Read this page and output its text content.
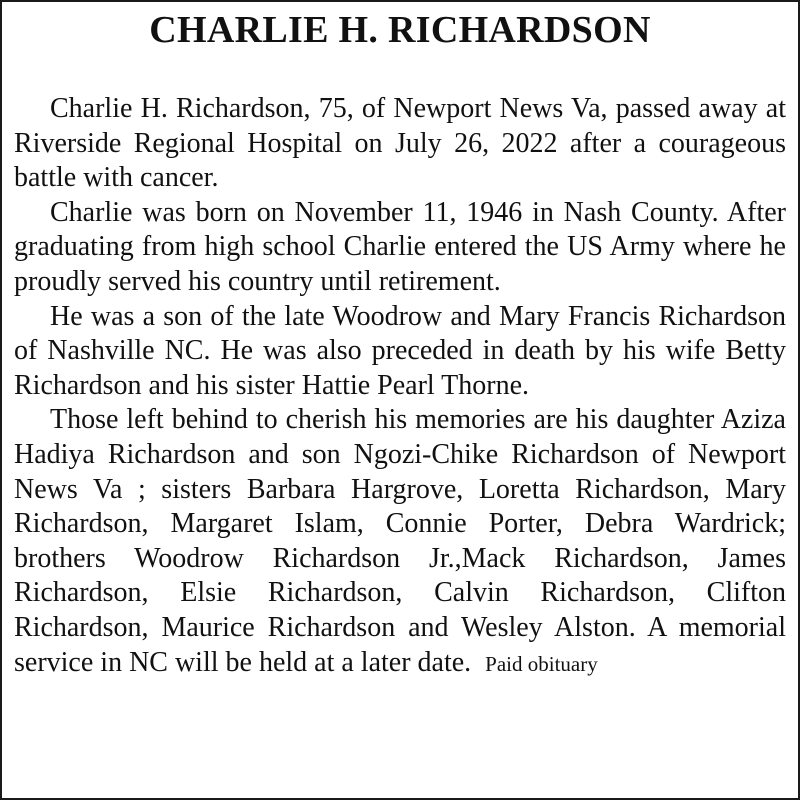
CHARLIE H. RICHARDSON

Charlie H. Richardson, 75, of Newport News Va, passed away at Riverside Regional Hospital on July 26, 2022 after a courageous battle with cancer.

Charlie was born on November 11, 1946 in Nash County. After graduating from high school Charlie entered the US Army where he proudly served his country until retirement.

He was a son of the late Woodrow and Mary Francis Richardson of Nashville NC. He was also preceded in death by his wife Betty Richardson and his sister Hattie Pearl Thorne.

Those left behind to cherish his memories are his daughter Aziza Hadiya Richardson and son Ngozi-Chike Richardson of Newport News Va ; sisters Barbara Hargrove, Loretta Richardson, Mary Richardson, Margaret Islam, Connie Porter, Debra Wardrick; brothers Woodrow Richardson Jr.,Mack Richardson, James Richardson, Elsie Richardson, Calvin Richardson, Clifton Richardson, Maurice Richardson and Wesley Alston. A memorial service in NC will be held at a later date. Paid obituary
